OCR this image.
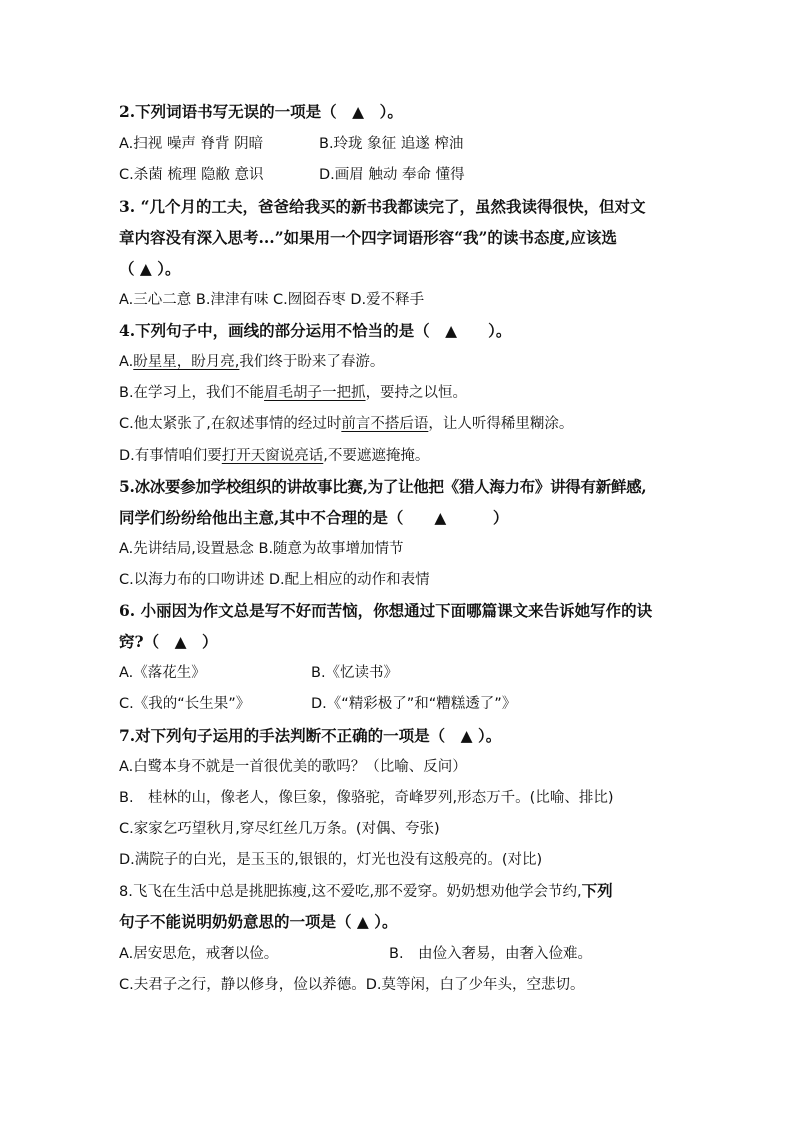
2.下列词语书写无误的一项是（　▲　）。
A.扫视 噪声 脊背 阴暗	B.玲珑 象征 追遂 榨油
C.杀菌 梳理 隐敝 意识	D.画眉 触动 奉命 懂得
3. “几个月的工夫，爸爸给我买的新书我都读完了，虽然我读得很快，但对文
章内容没有深入思考...”如果用一个四字词语形容“我”的读书态度,应该选
（ ▲ ）。
A.三心二意 B.津津有味 C.囫囵吞枣 D.爱不释手
4.下列句子中，画线的部分运用不恰当的是（　▲　　）。
A.盼星星，盼月亮,我们终于盼来了春游。
B.在学习上，我们不能眉毛胡子一把抓，要持之以恒。
C.他太紧张了,在叙述事情的经过时前言不搭后语，让人听得稀里糊涂。
D.有事情咱们要打开天窗说亮话,不要遮遮掩掩。
5.冰冰要参加学校组织的讲故事比赛,为了让他把《猎人海力布》讲得有新鲜感,
同学们纷纷给他出主意,其中不合理的是（　　▲　　　）
A.先讲结局,设置悬念 B.随意为故事增加情节
C.以海力布的口吻讲述 D.配上相应的动作和表情
6. 小丽因为作文总是写不好而苦恼，你想通过下面哪篇课文来告诉她写作的诀
窍?（　▲　）
A.《落花生》	B.《忆读书》
C.《我的“长生果”》	D.《“精彩极了”和“糟糕透了”》
7.对下列句子运用的手法判断不正确的一项是（　▲ ）。
A.白鹭本身不就是一首很优美的歌吗？（比喻、反问）
B.　桂林的山，像老人，像巨象，像骆驼，奇峰罗列,形态万千。(比喻、排比)
C.家家乞巧望秋月,穿尽红丝几万条。(对偶、夸张)
D.满院子的白光，是玉玉的,银银的，灯光也没有这般亮的。(对比)
8.飞飞在生活中总是挑肥拣瘦,这不爱吃,那不爱穿。奶奶想劝他学会节约,下列
句子不能说明奶奶意思的一项是（ ▲ ）。
A.居安思危，戒奢以俭。	B.　由俭入奢易，由奢入俭难。
C.夫君子之行，静以修身，俭以养德。D.莫等闲，白了少年头，空悲切。
